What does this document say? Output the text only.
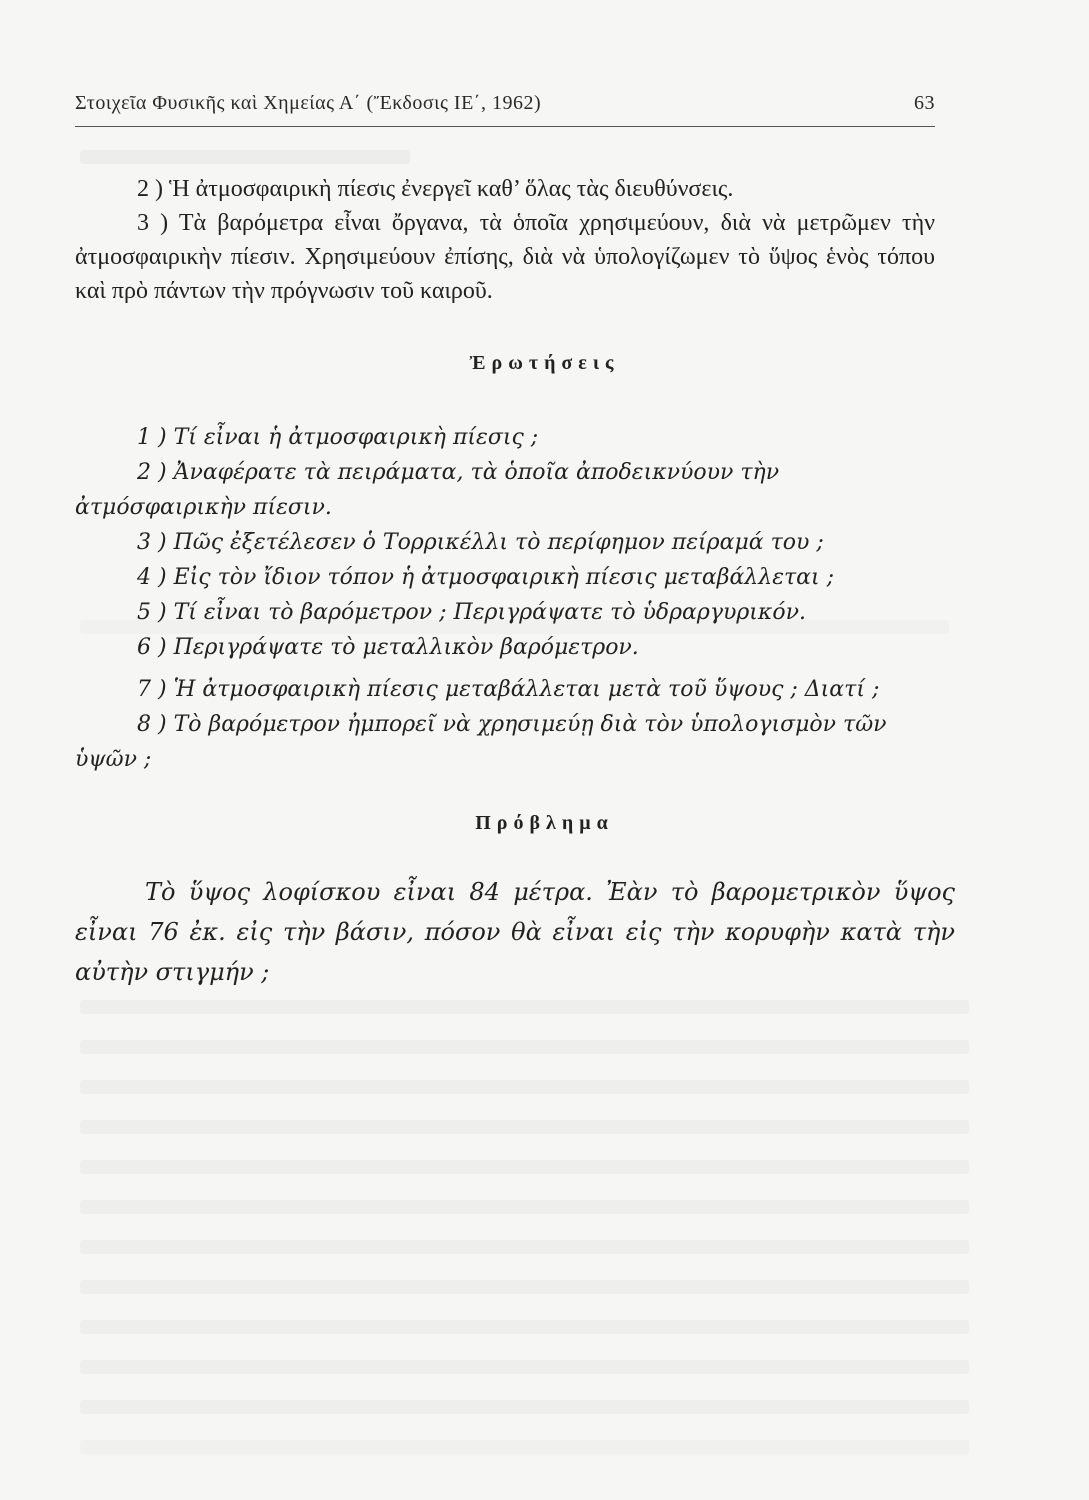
Στοιχεῖα Φυσικῆς καὶ Χημείας Α΄ (Ἔκδοσις ΙΕ΄, 1962)	63

2 ) Ἡ ἀτμοσφαιρικὴ πίεσις ἐνεργεῖ καθ’ ὅλας τὰς διευθύνσεις.

3 ) Τὰ βαρόμετρα εἶναι ὄργανα, τὰ ὁποῖα χρησιμεύουν, διὰ νὰ μετρῶμεν τὴν ἀτμοσφαιρικὴν πίεσιν. Χρησιμεύουν ἐπίσης, διὰ νὰ ὑπολογίζωμεν τὸ ὕψος ἑνὸς τόπου καὶ πρὸ πάντων τὴν πρόγνωσιν τοῦ καιροῦ.

Ἐρωτήσεις

1 ) Τί εἶναι ἡ ἀτμοσφαιρικὴ πίεσις ;

2 ) Ἀναφέρατε τὰ πειράματα, τὰ ὁποῖα ἀποδεικνύουν τὴν ἀτμόσφαιρικὴν πίεσιν.

3 ) Πῶς ἐξετέλεσεν ὁ Τορρικέλλι τὸ περίφημον πείραμά του ;

4 ) Εἰς τὸν ἴδιον τόπον ἡ ἀτμοσφαιρικὴ πίεσις μεταβάλλεται ;

5 ) Τί εἶναι τὸ βαρόμετρον ; Περιγράψατε τὸ ὑδραργυρικόν.

6 ) Περιγράψατε τὸ μεταλλικὸν βαρόμετρον.

7 ) Ἡ ἀτμοσφαιρικὴ πίεσις μεταβάλλεται μετὰ τοῦ ὕψους ; Διατί ;

8 ) Τὸ βαρόμετρον ἠμπορεῖ νὰ χρησιμεύῃ διὰ τὸν ὑπολογισμὸν τῶν ὑψῶν ;

Πρόβλημα

Τὸ ὕψος λοφίσκου εἶναι 84 μέτρα. Ἐὰν τὸ βαρομετρικὸν ὕψος εἶναι 76 ἐκ. εἰς τὴν βάσιν, πόσον θὰ εἶναι εἰς τὴν κορυφὴν κατὰ τὴν αὐτὴν στιγμήν ;
